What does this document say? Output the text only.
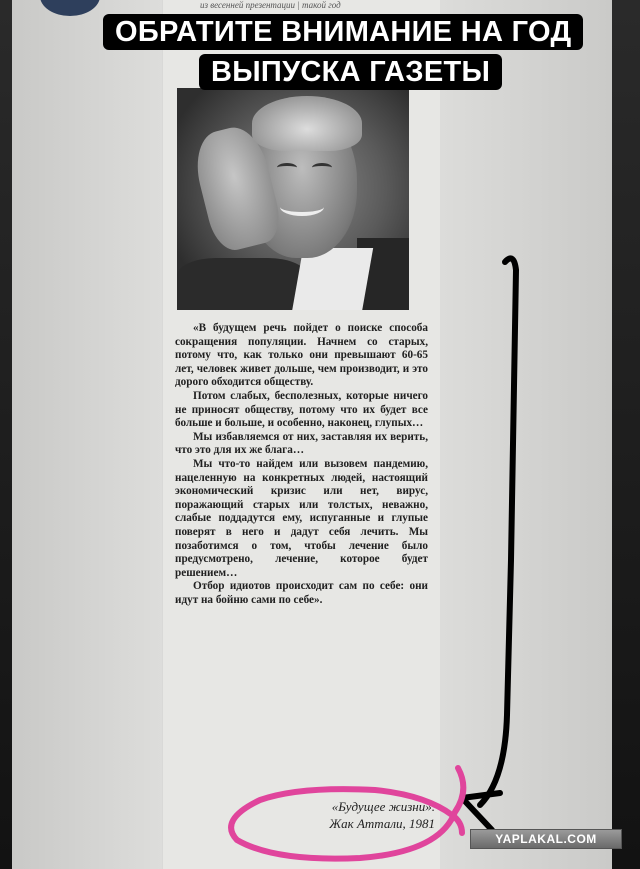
из весенней презентации | такой год

«В будущем речь пойдет о поиске способа сокращения популяции. Начнем со старых, потому что, как только они превышают 60-65 лет, человек живет дольше, чем производит, и это дорого обходится обществу.

Потом слабых, бесполезных, которые ничего не приносят обществу, потому что их будет все больше и больше, и особенно, наконец, глупых…

Мы избавляемся от них, заставляя их верить, что это для их же блага…

Мы что-то найдем или вызовем пандемию, нацеленную на конкретных людей, настоящий экономический кризис или нет, вирус, поражающий старых или толстых, неважно, слабые поддадутся ему, испуганные и глупые поверят в него и дадут себя лечить. Мы позаботимся о том, чтобы лечение было предусмотрено, лечение, которое будет решением…

Отбор идиотов происходит сам по себе: они идут на бойню сами по себе».

«Будущее жизни».
Жак Аттали, 1981
ОБРАТИТЕ ВНИМАНИЕ НА ГОД
ВЫПУСКА ГАЗЕТЫ
YAPLAKAL.COM
